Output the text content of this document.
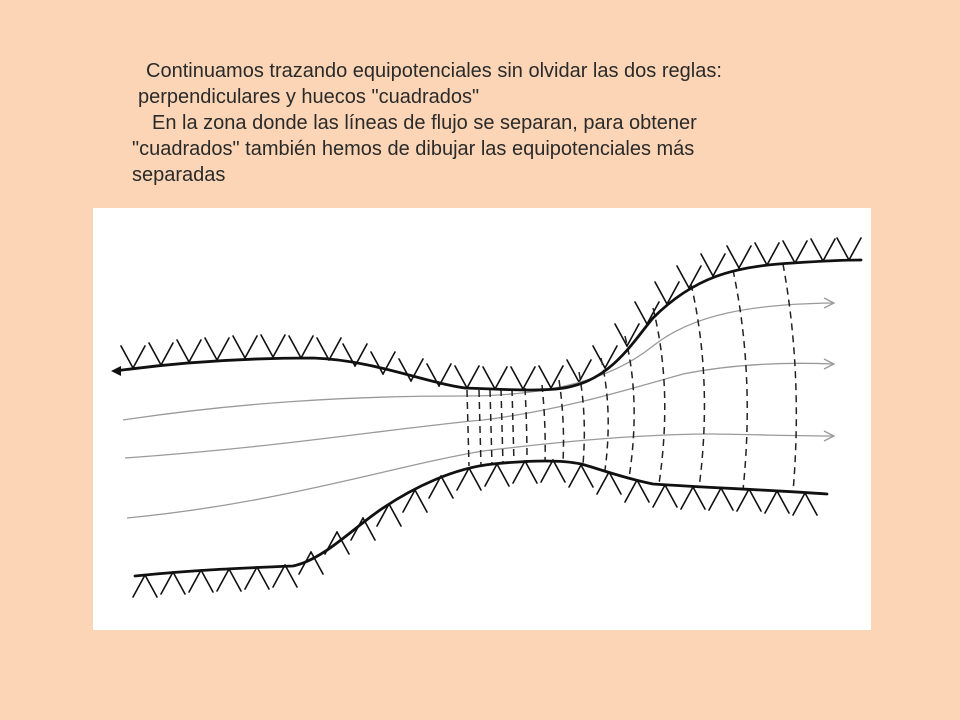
Continuamos trazando equipotenciales sin olvidar las dos reglas:
perpendiculares y huecos "cuadrados"
En la zona donde las líneas de flujo se separan, para obtener
"cuadrados" también hemos de dibujar las equipotenciales más
separadas
